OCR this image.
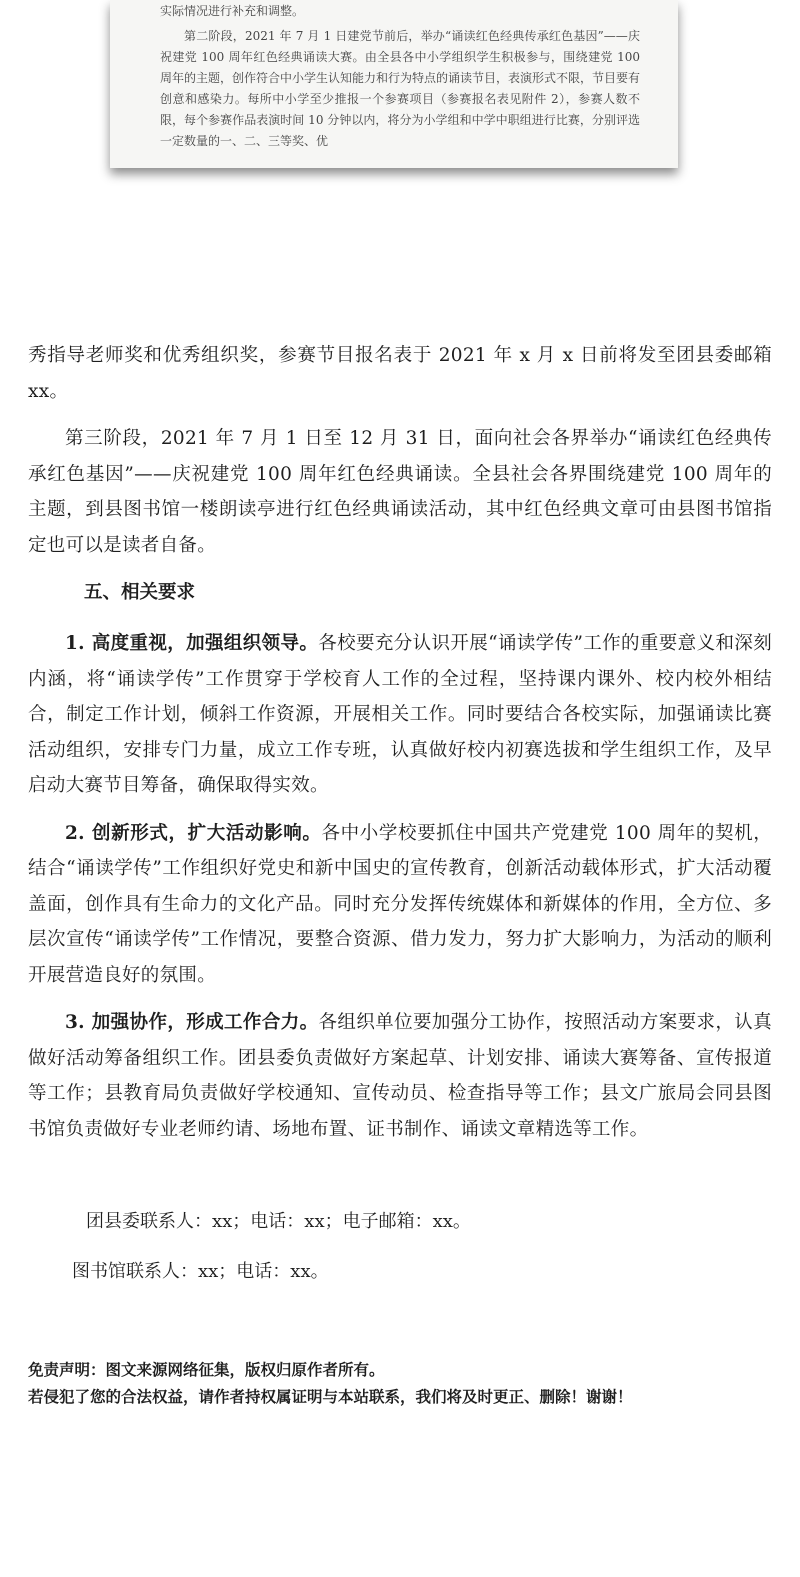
实际情况进行补充和调整。

第二阶段，2021 年 7 月 1 日建党节前后，举办“诵读红色经典传承红色基因”——庆祝建党 100 周年红色经典诵读大赛。由全县各中小学组织学生积极参与，围绕建党 100 周年的主题，创作符合中小学生认知能力和行为特点的诵读节目，表演形式不限，节目要有创意和感染力。每所中小学至少推报一个参赛项目（参赛报名表见附件 2），参赛人数不限，每个参赛作品表演时间 10 分钟以内，将分为小学组和中学中职组进行比赛，分别评选一定数量的一、二、三等奖、优

秀指导老师奖和优秀组织奖，参赛节目报名表于 2021 年 x 月 x 日前将发至团县委邮箱 xx。

第三阶段，2021 年 7 月 1 日至 12 月 31 日，面向社会各界举办“诵读红色经典传承红色基因”——庆祝建党 100 周年红色经典诵读。全县社会各界围绕建党 100 周年的主题，到县图书馆一楼朗读亭进行红色经典诵读活动，其中红色经典文章可由县图书馆指定也可以是读者自备。

五、相关要求

1. 高度重视，加强组织领导。各校要充分认识开展“诵读学传”工作的重要意义和深刻内涵，将“诵读学传”工作贯穿于学校育人工作的全过程，坚持课内课外、校内校外相结合，制定工作计划，倾斜工作资源，开展相关工作。同时要结合各校实际，加强诵读比赛活动组织，安排专门力量，成立工作专班，认真做好校内初赛选拔和学生组织工作，及早启动大赛节目筹备，确保取得实效。

2. 创新形式，扩大活动影响。各中小学校要抓住中国共产党建党 100 周年的契机，结合“诵读学传”工作组织好党史和新中国史的宣传教育，创新活动载体形式，扩大活动覆盖面，创作具有生命力的文化产品。同时充分发挥传统媒体和新媒体的作用，全方位、多层次宣传“诵读学传”工作情况，要整合资源、借力发力，努力扩大影响力，为活动的顺利开展营造良好的氛围。

3. 加强协作，形成工作合力。各组织单位要加强分工协作，按照活动方案要求，认真做好活动筹备组织工作。团县委负责做好方案起草、计划安排、诵读大赛筹备、宣传报道等工作；县教育局负责做好学校通知、宣传动员、检查指导等工作；县文广旅局会同县图书馆负责做好专业老师约请、场地布置、证书制作、诵读文章精选等工作。

团县委联系人：xx；电话：xx；电子邮箱：xx。
图书馆联系人：xx；电话：xx。
免责声明：图文来源网络征集，版权归原作者所有。
若侵犯了您的合法权益，请作者持权属证明与本站联系，我们将及时更正、删除！谢谢！
